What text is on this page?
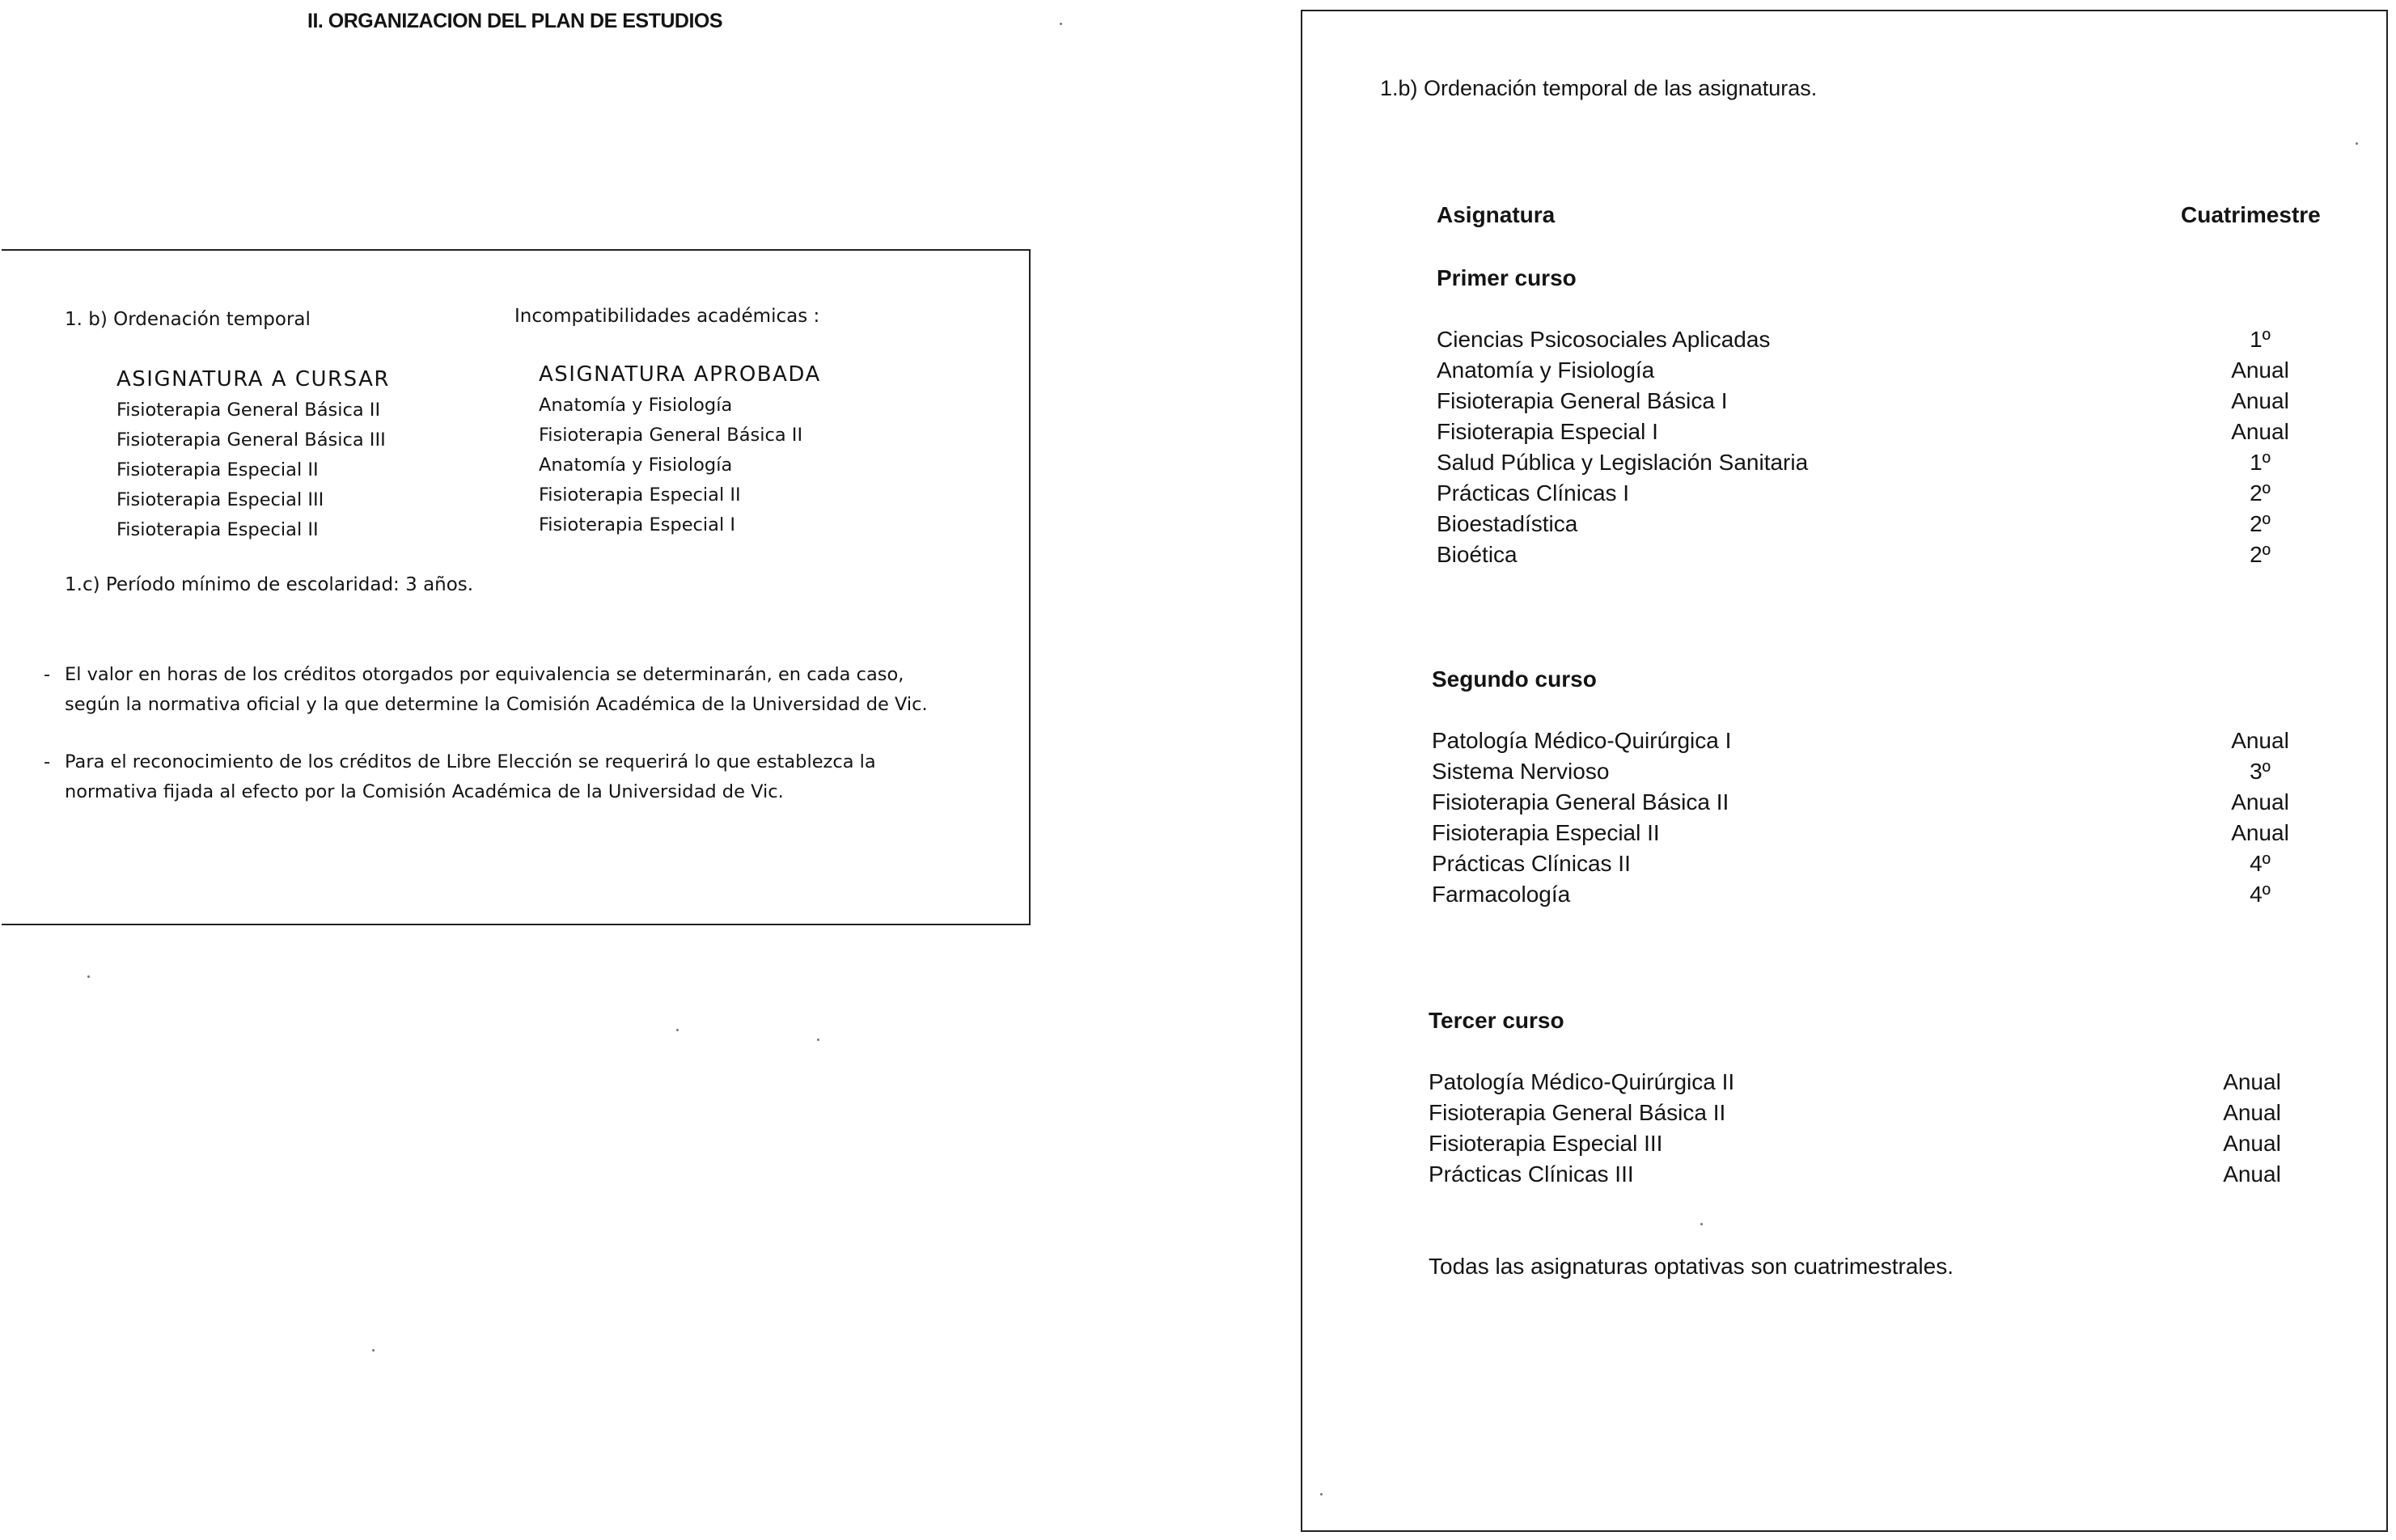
II. ORGANIZACION DEL PLAN DE ESTUDIOS
1. b) Ordenación temporal	Incompatibilidades académicas :
ASIGNATURA A CURSAR	ASIGNATURA APROBADA
Fisioterapia General Básica II	Anatomía y Fisiología
Fisioterapia General Básica III	Fisioterapia General Básica II
Fisioterapia Especial II	Anatomía y Fisiología
Fisioterapia Especial III	Fisioterapia Especial II
Fisioterapia Especial II	Fisioterapia Especial I
1.c) Período mínimo de escolaridad: 3 años.
- El valor en horas de los créditos otorgados por equivalencia se determinarán, en cada caso,
según la normativa oficial y la que determine la Comisión Académica de la Universidad de Vic.
- Para el reconocimiento de los créditos de Libre Elección se requerirá lo que establezca la
normativa fijada al efecto por la Comisión Académica de la Universidad de Vic.
1.b) Ordenación temporal de las asignaturas.
Asignatura	Cuatrimestre
Primer curso
Ciencias Psicosociales Aplicadas	1º
Anatomía y Fisiología	Anual
Fisioterapia General Básica I	Anual
Fisioterapia Especial I	Anual
Salud Pública y Legislación Sanitaria	1º
Prácticas Clínicas I	2º
Bioestadística	2º
Bioética	2º
Segundo curso
Patología Médico-Quirúrgica I	Anual
Sistema Nervioso	3º
Fisioterapia General Básica II	Anual
Fisioterapia Especial II	Anual
Prácticas Clínicas II	4º
Farmacología	4º
Tercer curso
Patología Médico-Quirúrgica II	Anual
Fisioterapia General Básica II	Anual
Fisioterapia Especial III	Anual
Prácticas Clínicas III	Anual
Todas las asignaturas optativas son cuatrimestrales.
